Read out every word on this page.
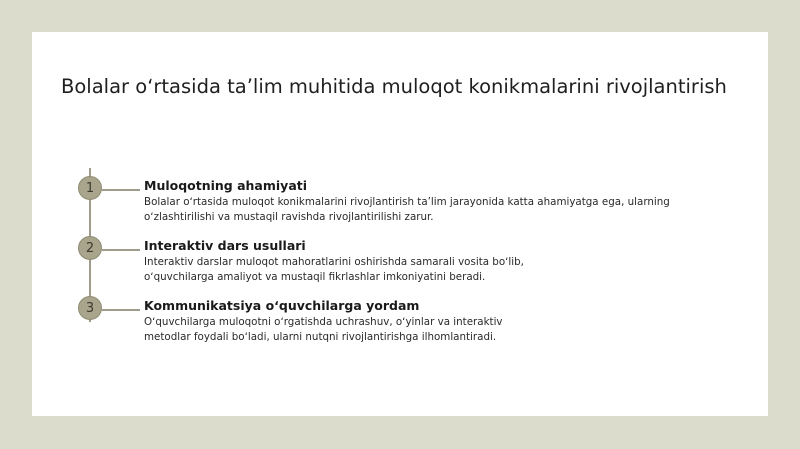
Bolalar oʻrtasida taʼlim muhitida muloqot konikmalarini rivojlantirish
1	Muloqotning ahamiyati
Bolalar oʻrtasida muloqot konikmalarini rivojlantirish taʼlim jarayonida katta ahamiyatga ega, ularning
oʻzlashtirilishi va mustaqil ravishda rivojlantirilishi zarur.
2	Interaktiv dars usullari
Interaktiv darslar muloqot mahoratlarini oshirishda samarali vosita boʻlib,
oʻquvchilarga amaliyot va mustaqil fikrlashlar imkoniyatini beradi.
3	Kommunikatsiya oʻquvchilarga yordam
Oʻquvchilarga muloqotni oʻrgatishda uchrashuv, oʻyinlar va interaktiv
metodlar foydali boʻladi, ularni nutqni rivojlantirishga ilhomlantiradi.
